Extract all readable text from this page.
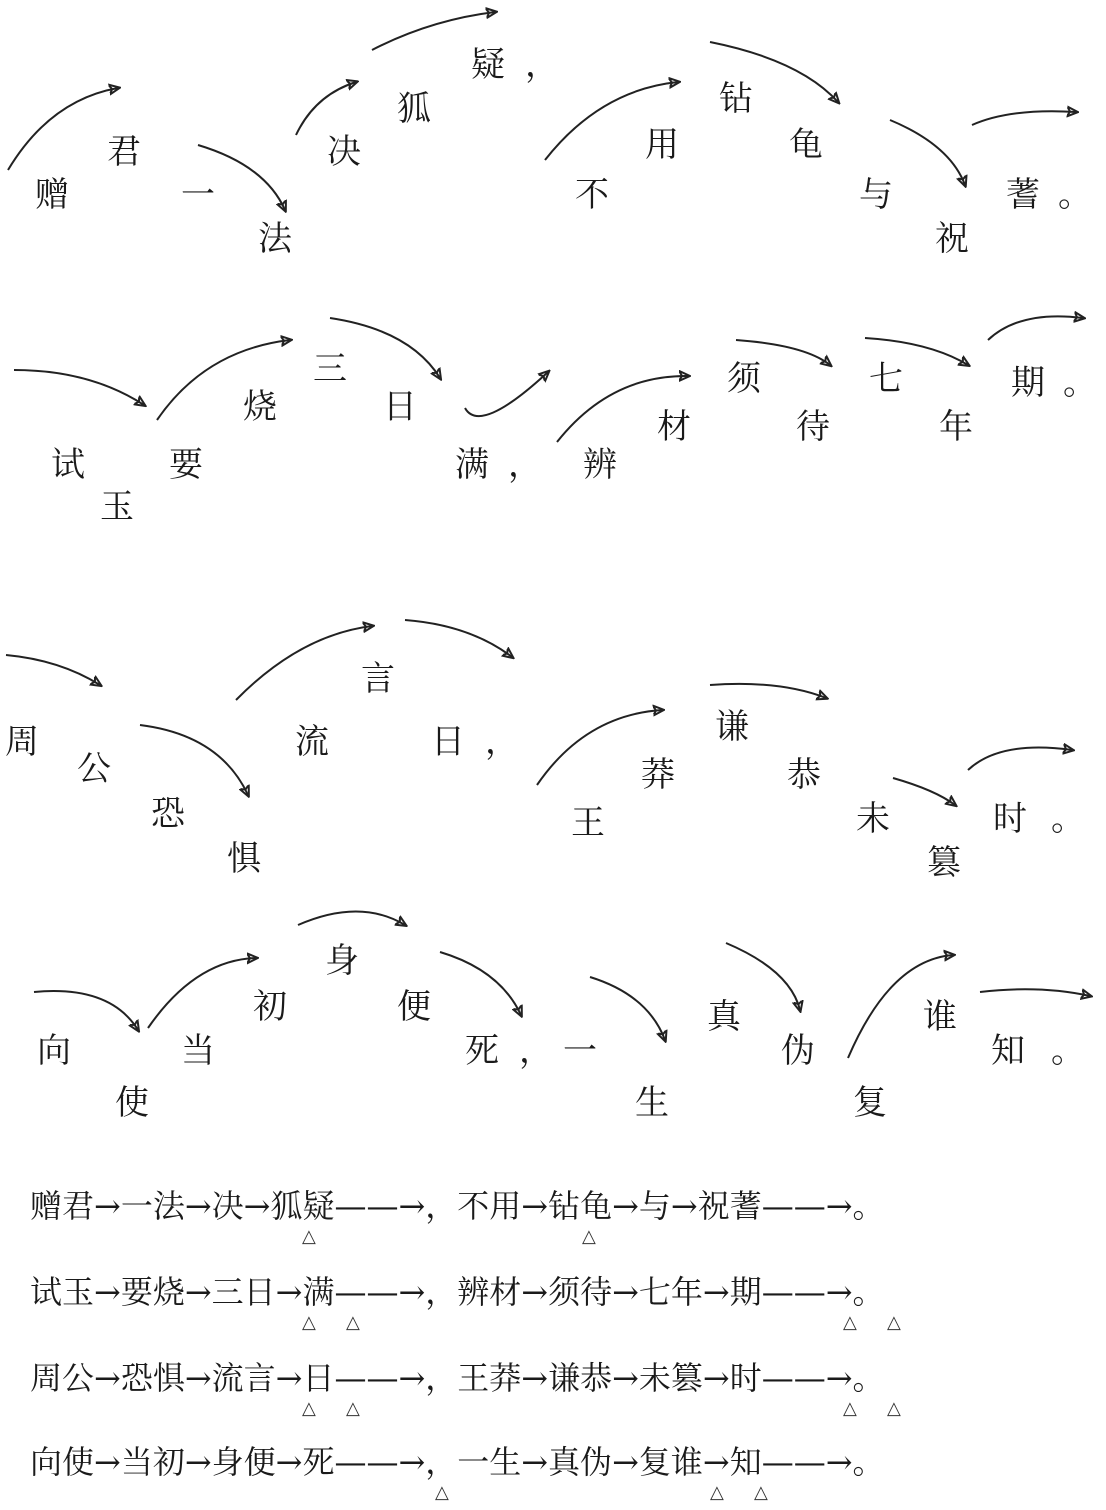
赠
君
一
法
决
狐
疑 ，
不
用
钻
龟
与
祝
蓍 。
试
玉
要
烧
三
日
满 ， 辨
材
须
待
七
年
期 。
周
公
恐
惧
流
言
日 ，
王
莽
谦
恭
未
篡
时 。
向
使
当
初
身
便
死 ， 一
生
真
伪
复
谁
知 。
赠君→一法→决→狐疑——→，不用→钻龟→与→祝蓍——→。
△	△
试玉→要烧→三日→满——→，辨材→须待→七年→期——→。
△ △	△ △
周公→恐惧→流言→日——→，王莽→谦恭→未篡→时——→。
△ △	△ △
向使→当初→身便→死——→，一生→真伪→复谁→知——→。
△	△ △
